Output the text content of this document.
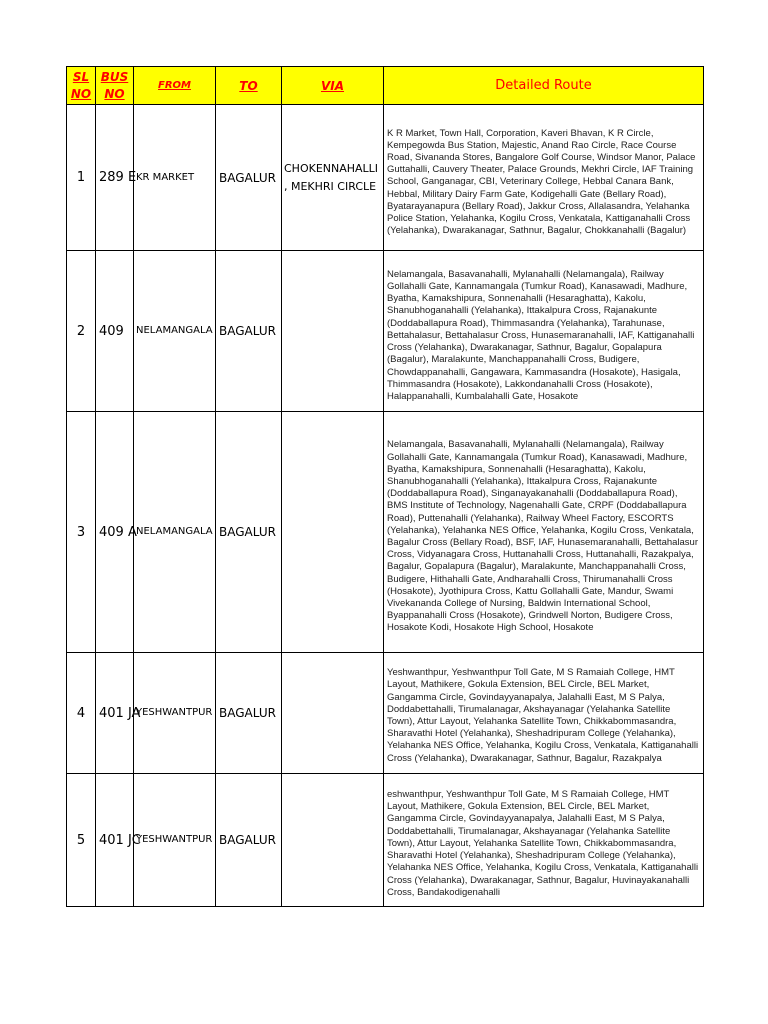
SL NO	BUS NO	FROM	TO	VIA	Detailed Route
1	289 E	KR MARKET	BAGALUR	CHOKENNAHALLI , MEKHRI CIRCLE	K R Market, Town Hall, Corporation, Kaveri Bhavan, K R Circle, Kempegowda Bus Station, Majestic, Anand Rao Circle, Race Course Road, Sivananda Stores, Bangalore Golf Course, Windsor Manor, Palace Guttahalli, Cauvery Theater, Palace Grounds, Mekhri Circle, IAF Training School, Ganganagar, CBI, Veterinary College, Hebbal Canara Bank, Hebbal, Military Dairy Farm Gate, Kodigehalli Gate (Bellary Road), Byatarayanapura (Bellary Road), Jakkur Cross, Allalasandra, Yelahanka Police Station, Yelahanka, Kogilu Cross, Venkatala, Kattiganahalli Cross (Yelahanka), Dwarakanagar, Sathnur, Bagalur, Chokkanahalli (Bagalur)

2	409	NELAMANGALA	BAGALUR		Nelamangala, Basavanahalli, Mylanahalli (Nelamangala), Railway Gollahalli Gate, Kannamangala (Tumkur Road), Kanasawadi, Madhure, Byatha, Kamakshipura, Sonnenahalli (Hesaraghatta), Kakolu, Shanubhoganahalli (Yelahanka), Ittakalpura Cross, Rajanakunte (Doddaballapura Road), Thimmasandra (Yelahanka), Tarahunase, Bettahalasur, Bettahalasur Cross, Hunasemaranahalli, IAF, Kattiganahalli Cross (Yelahanka), Dwarakanagar, Sathnur, Bagalur, Gopalapura (Bagalur), Maralakunte, Manchappanahalli Cross, Budigere, Chowdappanahalli, Gangawara, Kammasandra (Hosakote), Hasigala, Thimmasandra (Hosakote), Lakkondanahalli Cross (Hosakote), Halappanahalli, Kumbalahalli Gate, Hosakote

3	409 A	NELAMANGALA	BAGALUR		Nelamangala, Basavanahalli, Mylanahalli (Nelamangala), Railway Gollahalli Gate, Kannamangala (Tumkur Road), Kanasawadi, Madhure, Byatha, Kamakshipura, Sonnenahalli (Hesaraghatta), Kakolu, Shanubhoganahalli (Yelahanka), Ittakalpura Cross, Rajanakunte (Doddaballapura Road), Singanayakanahalli (Doddaballapura Road), BMS Institute of Technology, Nagenahalli Gate, CRPF (Doddaballapura Road), Puttenahalli (Yelahanka), Railway Wheel Factory, ESCORTS (Yelahanka), Yelahanka NES Office, Yelahanka, Kogilu Cross, Venkatala, Bagalur Cross (Bellary Road), BSF, IAF, Hunasemaranahalli, Bettahalasur Cross, Vidyanagara Cross, Huttanahalli Cross, Huttanahalli, Razakpalya, Bagalur, Gopalapura (Bagalur), Maralakunte, Manchappanahalli Cross, Budigere, Hithahalli Gate, Andharahalli Cross, Thirumanahalli Cross (Hosakote), Jyothipura Cross, Kattu Gollahalli Gate, Mandur, Swami Vivekananda College of Nursing, Baldwin International School, Byappanahalli Cross (Hosakote), Grindwell Norton, Budigere Cross, Hosakote Kodi, Hosakote High School, Hosakote

4	401 JA	YESHWANTPUR	BAGALUR		Yeshwanthpur, Yeshwanthpur Toll Gate, M S Ramaiah College, HMT Layout, Mathikere, Gokula Extension, BEL Circle, BEL Market, Gangamma Circle, Govindayyanapalya, Jalahalli East, M S Palya, Doddabettahalli, Tirumalanagar, Akshayanagar (Yelahanka Satellite Town), Attur Layout, Yelahanka Satellite Town, Chikkabommasandra, Sharavathi Hotel (Yelahanka), Sheshadripuram College (Yelahanka), Yelahanka NES Office, Yelahanka, Kogilu Cross, Venkatala, Kattiganahalli Cross (Yelahanka), Dwarakanagar, Sathnur, Bagalur, Razakpalya

5	401 JC	YESHWANTPUR	BAGALUR		eshwanthpur, Yeshwanthpur Toll Gate, M S Ramaiah College, HMT Layout, Mathikere, Gokula Extension, BEL Circle, BEL Market, Gangamma Circle, Govindayyanapalya, Jalahalli East, M S Palya, Doddabettahalli, Tirumalanagar, Akshayanagar (Yelahanka Satellite Town), Attur Layout, Yelahanka Satellite Town, Chikkabommasandra, Sharavathi Hotel (Yelahanka), Sheshadripuram College (Yelahanka), Yelahanka NES Office, Yelahanka, Kogilu Cross, Venkatala, Kattiganahalli Cross (Yelahanka), Dwarakanagar, Sathnur, Bagalur, Huvinayakanahalli Cross, Bandakodigenahalli
